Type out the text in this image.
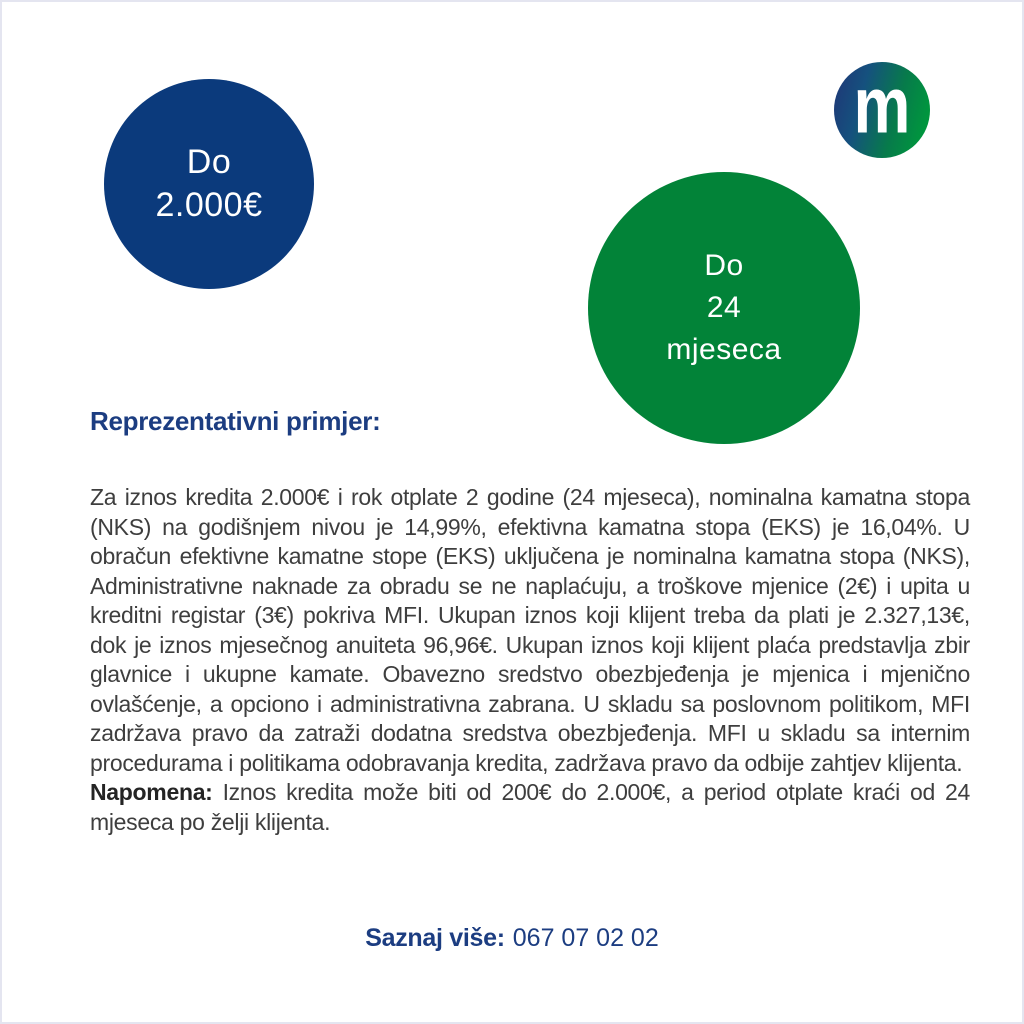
Do
2.000€
Do
24
mjeseca
m
Reprezentativni primjer:
Za iznos kredita 2.000€ i rok otplate 2 godine (24 mjeseca), nominalna kamatna stopa (NKS) na godišnjem nivou je 14,99%, efektivna kamatna stopa (EKS) je 16,04%. U obračun efektivne kamatne stope (EKS) uključena je nominalna kamatna stopa (NKS), Administrativne naknade za obradu se ne naplaćuju, a troškove mjenice (2€) i upita u kreditni registar (3€) pokriva MFI. Ukupan iznos koji klijent treba da plati je 2.327,13€, dok je iznos mjesečnog anuiteta 96,96€. Ukupan iznos koji klijent plaća predstavlja zbir glavnice i ukupne kamate. Obavezno sredstvo obezbjeđenja je mjenica i mjenično ovlašćenje, a opciono i administrativna zabrana. U skladu sa poslovnom politikom, MFI zadržava pravo da zatraži dodatna sredstva obezbjeđenja. MFI u skladu sa internim procedurama i politikama odobravanja kredita, zadržava pravo da odbije zahtjev klijenta.
Napomena: Iznos kredita može biti od 200€ do 2.000€, a period otplate kraći od 24 mjeseca po želji klijenta.
Saznaj više: 067 07 02 02
